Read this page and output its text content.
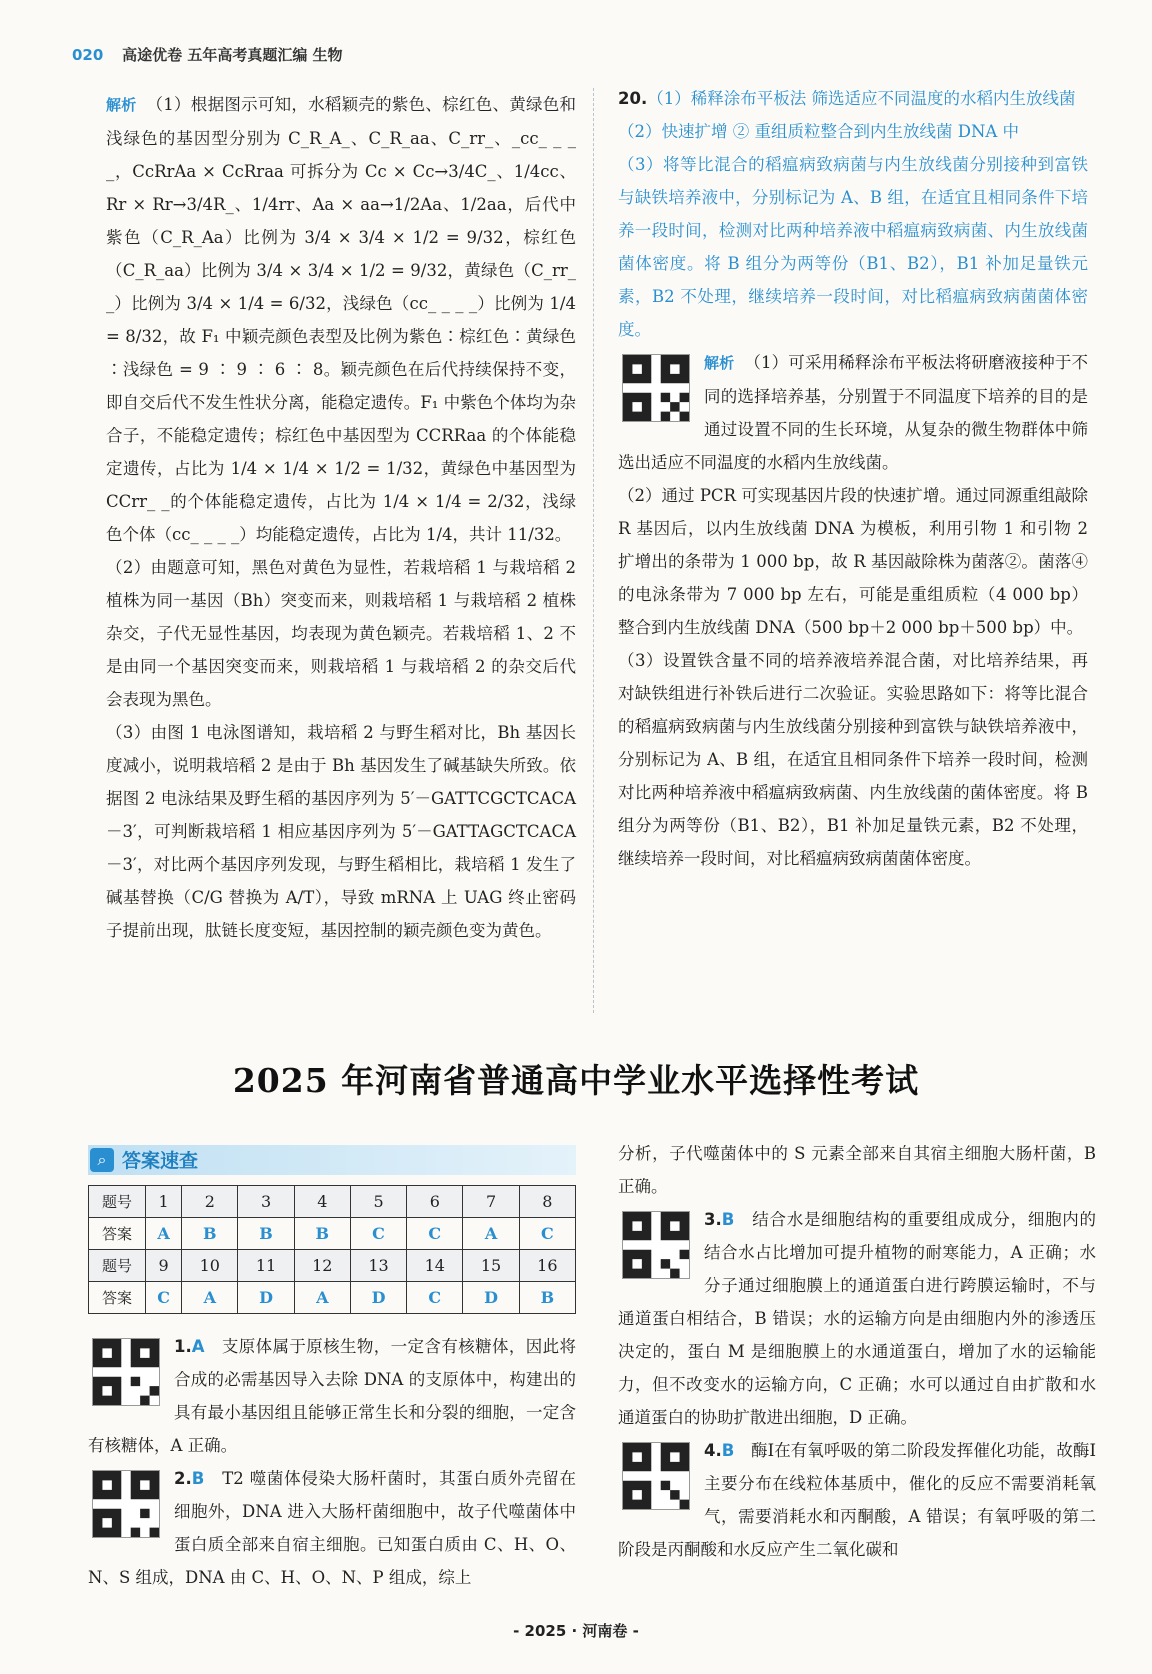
020 高途优卷 五年高考真题汇编 生物

解析 （1）根据图示可知，水稻颖壳的紫色、棕红色、黄绿色和浅绿色的基因型分别为 C_R_A_、C_R_aa、C_rr_、_cc_ _ _ _，CcRrAa × CcRraa 可拆分为 Cc × Cc→3/4C_、1/4cc、Rr × Rr→3/4R_、1/4rr、Aa × aa→1/2Aa、1/2aa，后代中紫色（C_R_Aa）比例为 3/4 × 3/4 × 1/2 = 9/32，棕红色（C_R_aa）比例为 3/4 × 3/4 × 1/2 = 9/32，黄绿色（C_rr_ _）比例为 3/4 × 1/4 = 6/32，浅绿色（cc_ _ _ _）比例为 1/4 = 8/32，故 F₁ 中颖壳颜色表型及比例为紫色∶棕红色∶黄绿色∶浅绿色 = 9 ∶ 9 ∶ 6 ∶ 8。颖壳颜色在后代持续保持不变，即自交后代不发生性状分离，能稳定遗传。F₁ 中紫色个体均为杂合子，不能稳定遗传；棕红色中基因型为 CCRRaa 的个体能稳定遗传，占比为 1/4 × 1/4 × 1/2 = 1/32，黄绿色中基因型为 CCrr_ _的个体能稳定遗传，占比为 1/4 × 1/4 = 2/32，浅绿色个体（cc_ _ _ _）均能稳定遗传，占比为 1/4，共计 11/32。

（2）由题意可知，黑色对黄色为显性，若栽培稻 1 与栽培稻 2 植株为同一基因（Bh）突变而来，则栽培稻 1 与栽培稻 2 植株杂交，子代无显性基因，均表现为黄色颖壳。若栽培稻 1、2 不是由同一个基因突变而来，则栽培稻 1 与栽培稻 2 的杂交后代会表现为黑色。

（3）由图 1 电泳图谱知，栽培稻 2 与野生稻对比，Bh 基因长度减小，说明栽培稻 2 是由于 Bh 基因发生了碱基缺失所致。依据图 2 电泳结果及野生稻的基因序列为 5′－GATTCGCTCACA－3′，可判断栽培稻 1 相应基因序列为 5′－GATTAGCTCACA－3′，对比两个基因序列发现，与野生稻相比，栽培稻 1 发生了碱基替换（C/G 替换为 A/T），导致 mRNA 上 UAG 终止密码子提前出现，肽链长度变短，基因控制的颖壳颜色变为黄色。

20.（1）稀释涂布平板法 筛选适应不同温度的水稻内生放线菌

（2）快速扩增 ② 重组质粒整合到内生放线菌 DNA 中

（3）将等比混合的稻瘟病致病菌与内生放线菌分别接种到富铁与缺铁培养液中，分别标记为 A、B 组，在适宜且相同条件下培养一段时间，检测对比两种培养液中稻瘟病致病菌、内生放线菌菌体密度。将 B 组分为两等份（B1、B2），B1 补加足量铁元素，B2 不处理，继续培养一段时间，对比稻瘟病致病菌菌体密度。

解析 （1）可采用稀释涂布平板法将研磨液接种于不同的选择培养基，分别置于不同温度下培养的目的是通过设置不同的生长环境，从复杂的微生物群体中筛选出适应不同温度的水稻内生放线菌。

（2）通过 PCR 可实现基因片段的快速扩增。通过同源重组敲除 R 基因后，以内生放线菌 DNA 为模板，利用引物 1 和引物 2 扩增出的条带为 1 000 bp，故 R 基因敲除株为菌落②。菌落④的电泳条带为 7 000 bp 左右，可能是重组质粒（4 000 bp）整合到内生放线菌 DNA（500 bp＋2 000 bp＋500 bp）中。

（3）设置铁含量不同的培养液培养混合菌，对比培养结果，再对缺铁组进行补铁后进行二次验证。实验思路如下：将等比混合的稻瘟病致病菌与内生放线菌分别接种到富铁与缺铁培养液中，分别标记为 A、B 组，在适宜且相同条件下培养一段时间，检测对比两种培养液中稻瘟病致病菌、内生放线菌的菌体密度。将 B 组分为两等份（B1、B2），B1 补加足量铁元素，B2 不处理，继续培养一段时间，对比稻瘟病致病菌菌体密度。

2025 年河南省普通高中学业水平选择性考试
⌕ 答案速查
题号	1	2	3	4	5	6	7	8
答案	A	B	B	B	C	C	A	C
题号	9	10	11	12	13	14	15	16
答案	C	A	D	A	D	C	D	B

1.A　 支原体属于原核生物，一定含有核糖体，因此将合成的必需基因导入去除 DNA 的支原体中，构建出的具有最小基因组且能够正常生长和分裂的细胞，一定含有核糖体，A 正确。

2.B　 T2 噬菌体侵染大肠杆菌时，其蛋白质外壳留在细胞外，DNA 进入大肠杆菌细胞中，故子代噬菌体中蛋白质全部来自宿主细胞。已知蛋白质由 C、H、O、N、S 组成，DNA 由 C、H、O、N、P 组成，综上

分析，子代噬菌体中的 S 元素全部来自其宿主细胞大肠杆菌，B 正确。

3.B　 结合水是细胞结构的重要组成成分，细胞内的结合水占比增加可提升植物的耐寒能力，A 正确；水分子通过细胞膜上的通道蛋白进行跨膜运输时，不与通道蛋白相结合，B 错误；水的运输方向是由细胞内外的渗透压决定的，蛋白 M 是细胞膜上的水通道蛋白，增加了水的运输能力，但不改变水的运输方向，C 正确；水可以通过自由扩散和水通道蛋白的协助扩散进出细胞，D 正确。

4.B　 酶Ⅰ在有氧呼吸的第二阶段发挥催化功能，故酶Ⅰ主要分布在线粒体基质中，催化的反应不需要消耗氧气，需要消耗水和丙酮酸，A 错误；有氧呼吸的第二阶段是丙酮酸和水反应产生二氧化碳和

- 2025 · 河南卷 -
